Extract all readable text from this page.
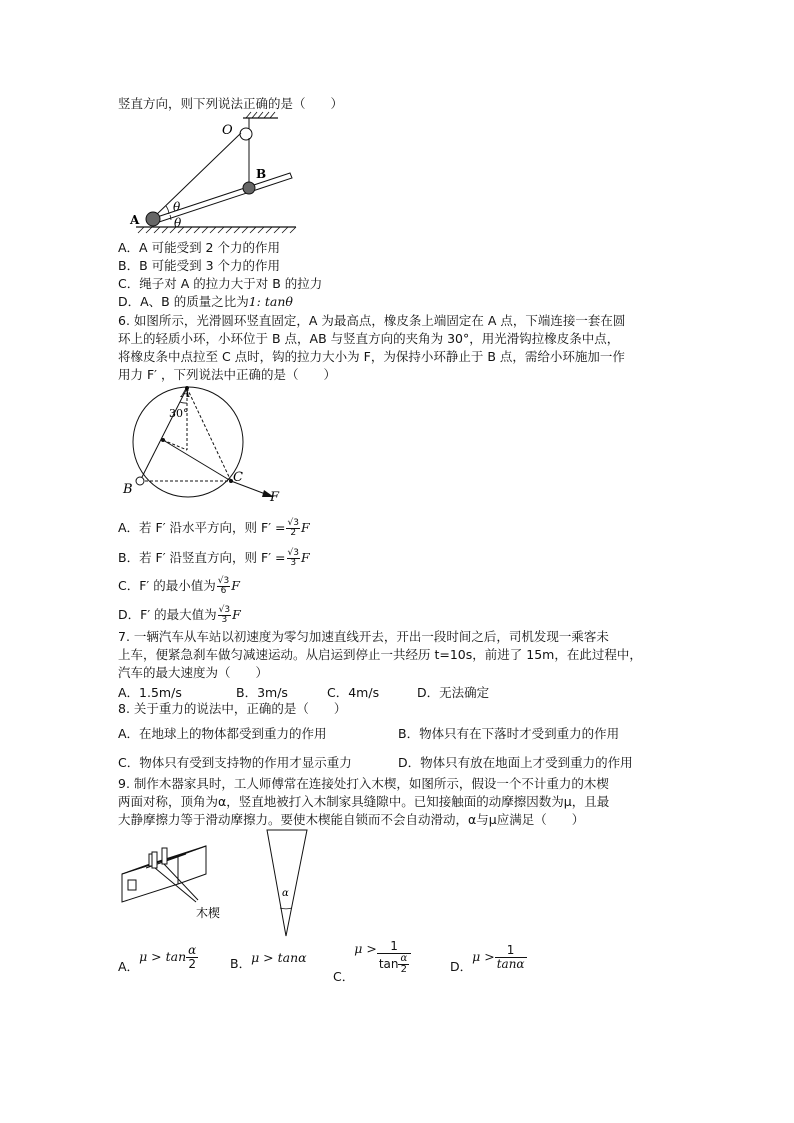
竖直方向，则下列说法正确的是（　　）
O
B
A
θ
θ
A．A 可能受到 2 个力的作用
B．B 可能受到 3 个力的作用
C．绳子对 A 的拉力大于对 B 的拉力
D．A、B 的质量之比为1: tanθ
6. 如图所示，光滑圆环竖直固定，A 为最高点，橡皮条上端固定在 A 点，下端连接一套在圆
环上的轻质小环，小环位于 B 点，AB 与竖直方向的夹角为 30°，用光滑钩拉橡皮条中点，
将橡皮条中点拉至 C 点时，钩的拉力大小为 F，为保持小环静止于 B 点，需给小环施加一作
用力 F′ ，下列说法中正确的是（　　）
30°
A
B
C
F
A．若 F′ 沿水平方向，则 $F' = \frac{√3}{2}$ F
B．若 F′ 沿竖直方向，则 $F' = \frac{√3}{3}$ F
C．F′ 的最小值为 $\frac{√3}{6}$ F
D．F′ 的最大值为 $\frac{√3}{3}$ F
7. 一辆汽车从车站以初速度为零匀加速直线开去，开出一段时间之后，司机发现一乘客未
上车，便紧急刹车做匀减速运动。从启运到停止一共经历 t=10s，前进了 15m，在此过程中，
汽车的最大速度为（　　）
A．1.5m/s	B．3m/s	C．4m/s	D．无法确定
8. 关于重力的说法中，正确的是（　　）
A．在地球上的物体都受到重力的作用	B．物体只有在下落时才受到重力的作用
C．物体只有受到支持物的作用才显示重力	D．物体只有放在地面上才受到重力的作用
9. 制作木器家具时，工人师傅常在连接处打入木楔，如图所示，假设一个不计重力的木楔
两面对称，顶角为α，竖直地被打入木制家具缝隙中。已知接触面的动摩擦因数为μ，且最
大静摩擦力等于滑动摩擦力。要使木楔能自锁而不会自动滑动，α与μ应满足（　　）
木楔
α
A．$\mu > \tan \frac{\alpha}{2}$	B．μ > tanα
C．$\mu > \frac{1}{\tan \frac{\alpha}{2}}$	D．$\mu > \frac{1}{\tan\alpha}$
